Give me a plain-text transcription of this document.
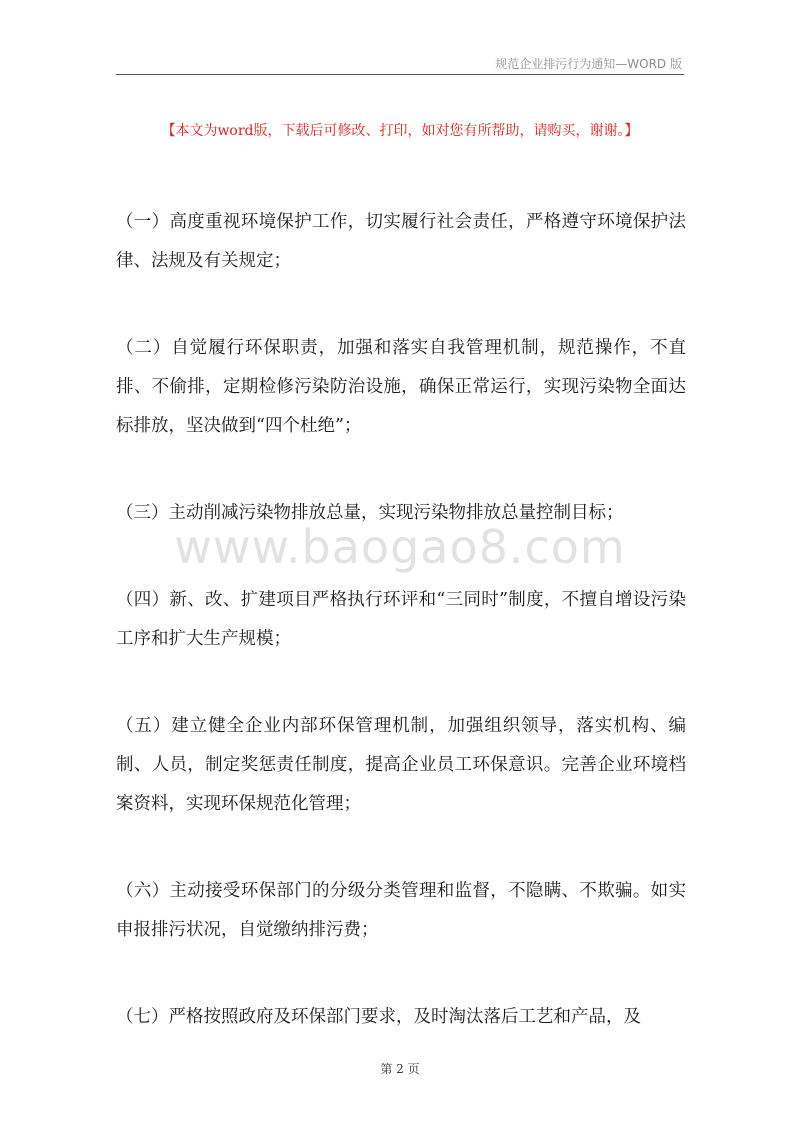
规范企业排污行为通知—WORD 版
【本文为word版，下载后可修改、打印，如对您有所帮助，请购买，谢谢。】

（一）高度重视环境保护工作，切实履行社会责任，严格遵守环境保护法律、法规及有关规定；

（二）自觉履行环保职责，加强和落实自我管理机制，规范操作，不直排、不偷排，定期检修污染防治设施，确保正常运行，实现污染物全面达标排放，坚决做到“四个杜绝”；

（三）主动削减污染物排放总量，实现污染物排放总量控制目标；

（四）新、改、扩建项目严格执行环评和“三同时”制度，不擅自增设污染工序和扩大生产规模；

（五）建立健全企业内部环保管理机制，加强组织领导，落实机构、编制、人员，制定奖惩责任制度，提高企业员工环保意识。完善企业环境档案资料，实现环保规范化管理；

（六）主动接受环保部门的分级分类管理和监督，不隐瞒、不欺骗。如实申报排污状况，自觉缴纳排污费；

（七）严格按照政府及环保部门要求，及时淘汰落后工艺和产品，及

www.baogao8.com
第 2 页
